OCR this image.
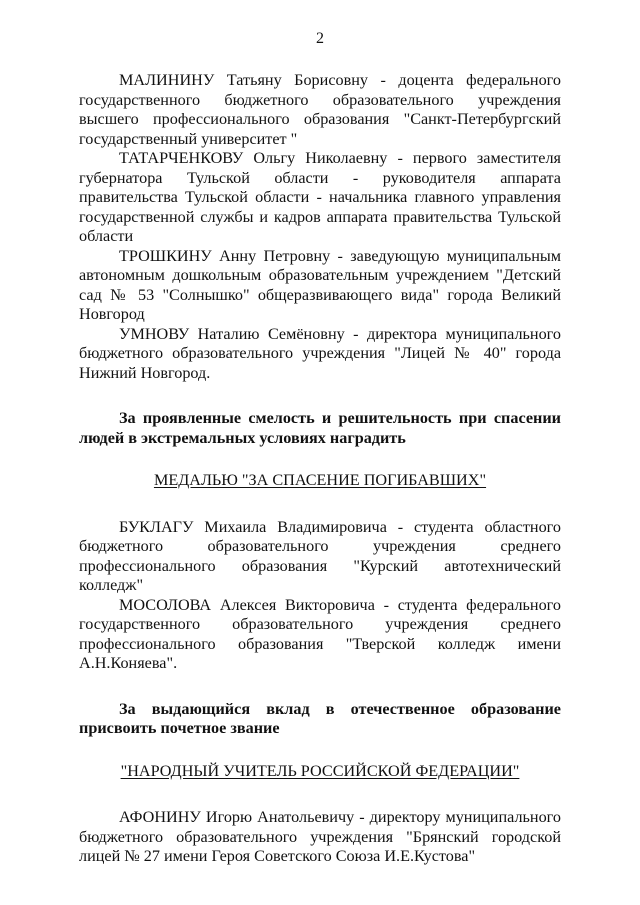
2

МАЛИНИНУ Татьяну Борисовну - доцента федерального государственного бюджетного образовательного учреждения высшего профессионального образования "Санкт-Петербургский государственный университет "

ТАТАРЧЕНКОВУ Ольгу Николаевну - первого заместителя губернатора Тульской области - руководителя аппарата правительства Тульской области - начальника главного управления государственной службы и кадров аппарата правительства Тульской области

ТРОШКИНУ Анну Петровну - заведующую муниципальным автономным дошкольным образовательным учреждением "Детский сад № 53 "Солнышко" общеразвивающего вида" города Великий Новгород

УМНОВУ Наталию Семёновну - директора муниципального бюджетного образовательного учреждения "Лицей № 40" города Нижний Новгород.

За проявленные смелость и решительность при спасении людей в экстремальных условиях наградить

МЕДАЛЬЮ "ЗА СПАСЕНИЕ ПОГИБАВШИХ"

БУКЛАГУ Михаила Владимировича - студента областного бюджетного образовательного учреждения среднего профессионального образования "Курский автотехнический колледж"

МОСОЛОВА Алексея Викторовича - студента федерального государственного образовательного учреждения среднего профессионального образования "Тверской колледж имени А.Н.Коняева".

За выдающийся вклад в отечественное образование присвоить почетное звание

"НАРОДНЫЙ УЧИТЕЛЬ РОССИЙСКОЙ ФЕДЕРАЦИИ"

АФОНИНУ Игорю Анатольевичу - директору муниципального бюджетного образовательного учреждения "Брянский городской лицей № 27 имени Героя Советского Союза И.Е.Кустова"
